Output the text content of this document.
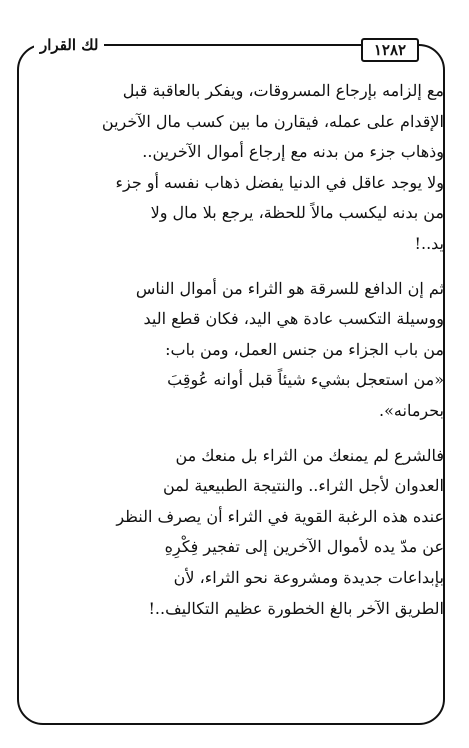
لك القرار	١٢٨٢
مع إلزامه بإرجاع المسروقات، ويفكر بالعاقبة قبل
الإقدام على عمله، فيقارن ما بين كسب مال الآخرين
وذهاب جزء من بدنه مع إرجاع أموال الآخرين..
ولا يوجد عاقل في الدنيا يفضل ذهاب نفسه أو جزء
من بدنه ليكسب مالاً للحظة، يرجع بلا مال ولا
يد..!
ثم إن الدافع للسرقة هو الثراء من أموال الناس
ووسيلة التكسب عادة هي اليد، فكان قطع اليد
من باب الجزاء من جنس العمل، ومن باب:
«من استعجل بشيء شيئاً قبل أوانه عُوقِبَ
بحرمانه».
فالشرع لم يمنعك من الثراء بل منعك من
العدوان لأجل الثراء.. والنتيجة الطبيعية لمن
عنده هذه الرغبة القوية في الثراء أن يصرف النظر
عن مدّ يده لأموال الآخرين إلى تفجير فِكْرِهِ
بإبداعات جديدة ومشروعة نحو الثراء، لأن
الطريق الآخر بالغ الخطورة عظيم التكاليف..!
